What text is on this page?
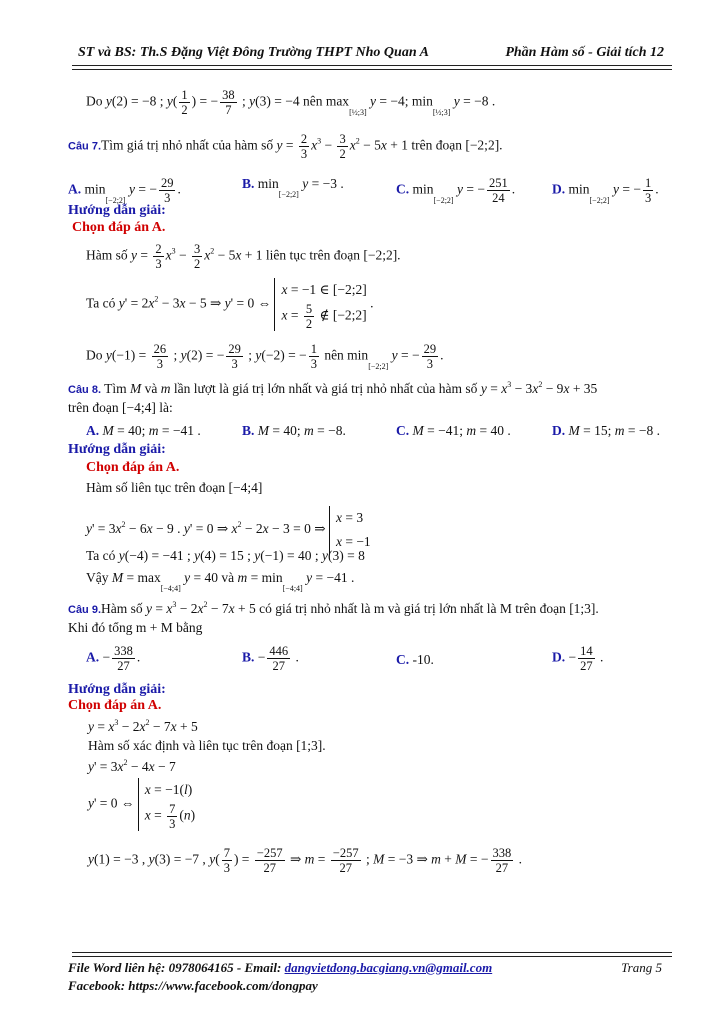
ST và BS: Th.S Đặng Việt Đông Trường THPT Nho Quan A	Phần Hàm số - Giải tích 12
Do y(2) = −8 ; $y( \frac{1}{2}$ ) = − $\frac{38}{7}$ ; y(3) = −4 nên max[½;3] y = −4; min[½;3] y = −8 .
Câu 7.Tìm giá trị nhỏ nhất của hàm số $y = \frac{2}{3} x^3 - \frac{3}{2} x^2 - 5x + 1$ trên đoạn [−2;2].
A. min[−2;2] y = − $\frac{29}{3}$ .	B. min[−2;2] y = −3 .	C. min[−2;2] y = − $\frac{251}{24}$ .	D. min[−2;2] y = − $\frac{1}{3}$ .
Hướng dẫn giải:
Chọn đáp án A.
Hàm số $y = \frac{2}{3} x^3 - \frac{3}{2} x^2 - 5x + 1$ liên tục trên đoạn [−2;2].
Ta có $y' = 2x^2 - 3x - 5$ ⇒ y' = 0 ⇔
x = −1 ∈ [−2;2]
$x = \frac{5}{2}$ ∉ [−2;2]
.
Do $y(-1) = \frac{26}{3}$ ; y(2) = − $\frac{29}{3}$ ; y(−2) = − $\frac{1}{3}$ nên min[−2;2] y = − $\frac{29}{3}$ .
Câu 8. Tìm M và m lần lượt là giá trị lớn nhất và giá trị nhỏ nhất của hàm số $y = x^3 - 3x^2 - 9x + 35$
trên đoạn [−4;4] là:
A. M = 40; m = −41 .	B. M = 40; m = −8.	C. M = −41; m = 40 .	D. M = 15; m = −8 .
Hướng dẫn giải:
Chọn đáp án A.
Hàm số liên tục trên đoạn [−4;4]
$y' = 3x^2 - 6x - 9$ . y' = 0 ⇒ $x^2 - 2x - 3 = 0$ ⇒
x = 3
x = −1
Ta có y(−4) = −41 ; y(4) = 15 ; y(−1) = 40 ; y(3) = 8
Vậy M = max[−4;4] y = 40 và m = min[−4;4] y = −41 .
Câu 9.Hàm số $y = x^3 - 2x^2 - 7x + 5$ có giá trị nhỏ nhất là m và giá trị lớn nhất là M trên đoạn [1;3].
Khi đó tổng m + M bằng
A. − $\frac{338}{27}$ .	B. − $\frac{446}{27}$ .	C. -10.	D. − $\frac{14}{27}$ .
Hướng dẫn giải:
Chọn đáp án A.
$y = x^3 - 2x^2 - 7x + 5$
Hàm số xác định và liên tục trên đoạn [1;3].
$y' = 3x^2 - 4x - 7$
y' = 0 ⇔
x = −1(l)
$x = \frac{7}{3} (n)$
y(1) = −3 , y(3) = −7 , $y( \frac{7}{3}$ ) = $\frac{-257}{27}$ ⇒ $m = \frac{-257}{27}$ ; M = −3 ⇒ m + M = − $\frac{338}{27}$ .
File Word liên hệ: 0978064165 - Email: dangvietdong.bacgiang.vn@gmail.com
Facebook: https://www.facebook.com/dongpay
Trang 5
